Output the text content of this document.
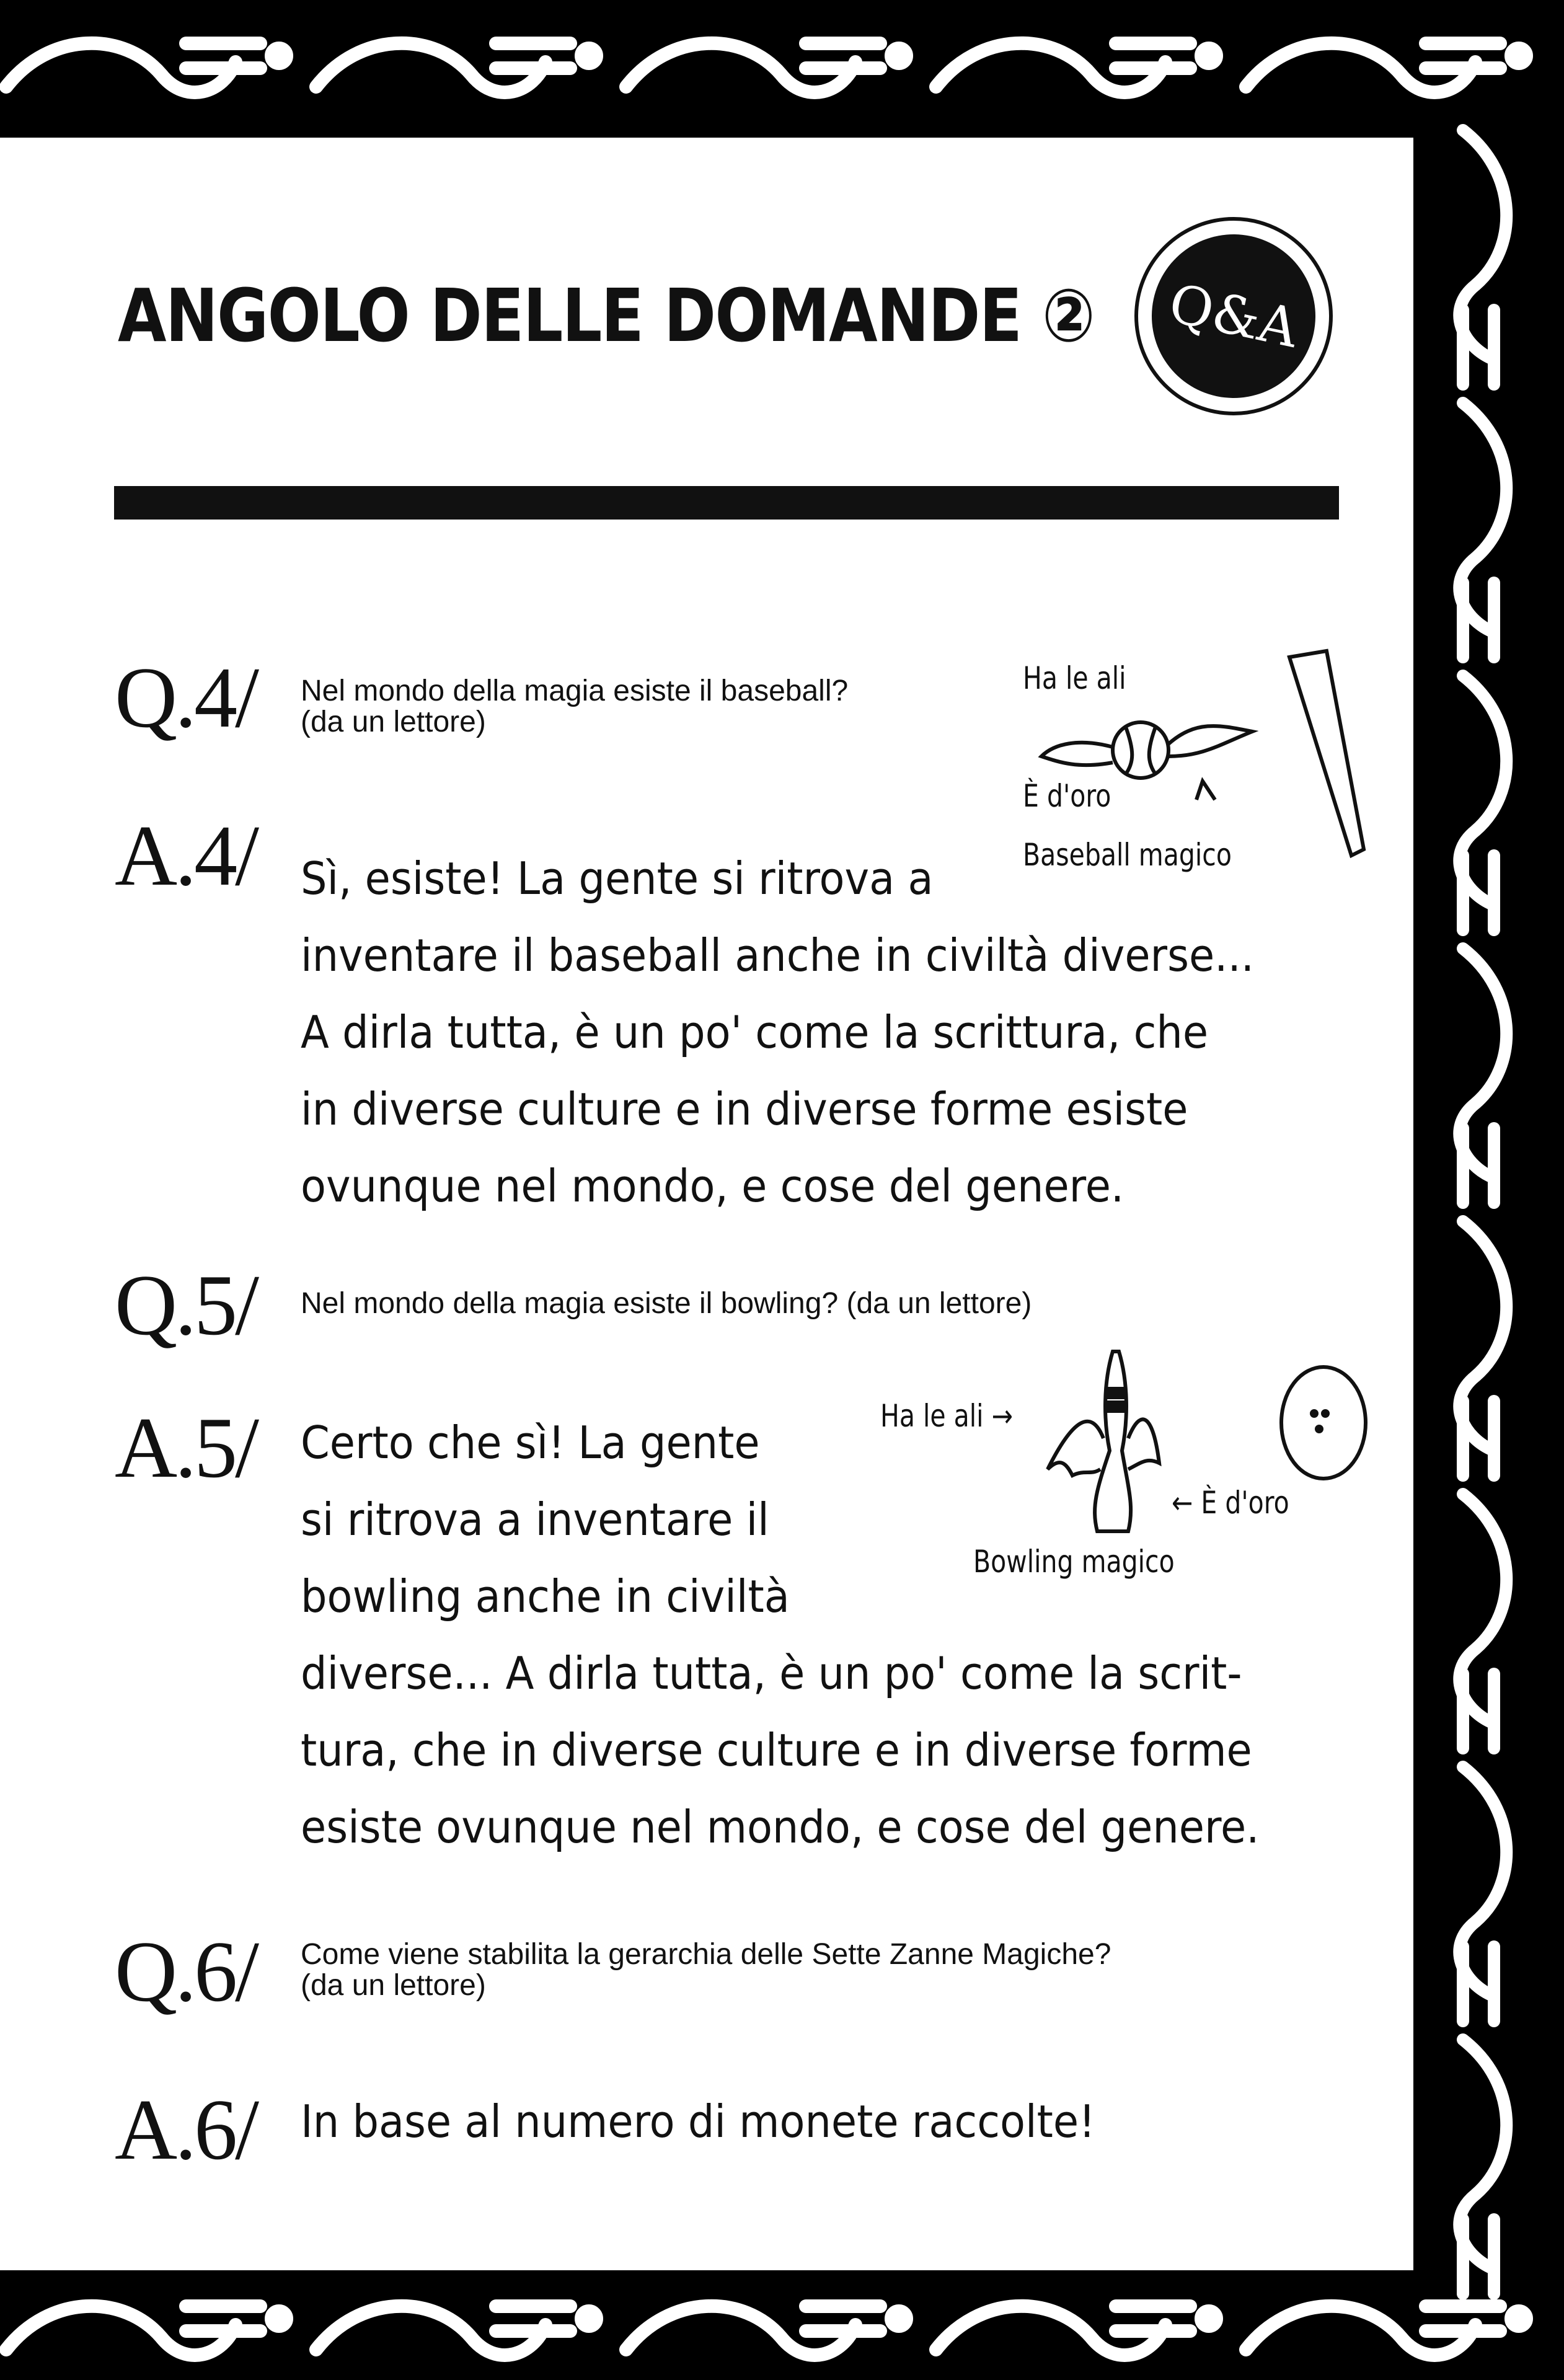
ANGOLO DELLE DOMANDE ②	Q&A
Q.4/ Nel mondo della magia esiste il baseball?
(da un lettore)
A.4/ Sì, esiste! La gente si ritrova a
inventare il baseball anche in civiltà diverse...
A dirla tutta, è un po' come la scrittura, che
in diverse culture e in diverse forme esiste
ovunque nel mondo, e cose del genere.
Ha le ali
È d'oro
Baseball magico
Q.5/ Nel mondo della magia esiste il bowling? (da un lettore)
A.5/ Certo che sì! La gente
si ritrova a inventare il
bowling anche in civiltà
diverse... A dirla tutta, è un po' come la scrit-
tura, che in diverse culture e in diverse forme
esiste ovunque nel mondo, e cose del genere.
Ha le ali →
← È d'oro
Bowling magico
Q.6/ Come viene stabilita la gerarchia delle Sette Zanne Magiche?
(da un lettore)
A.6/ In base al numero di monete raccolte!
